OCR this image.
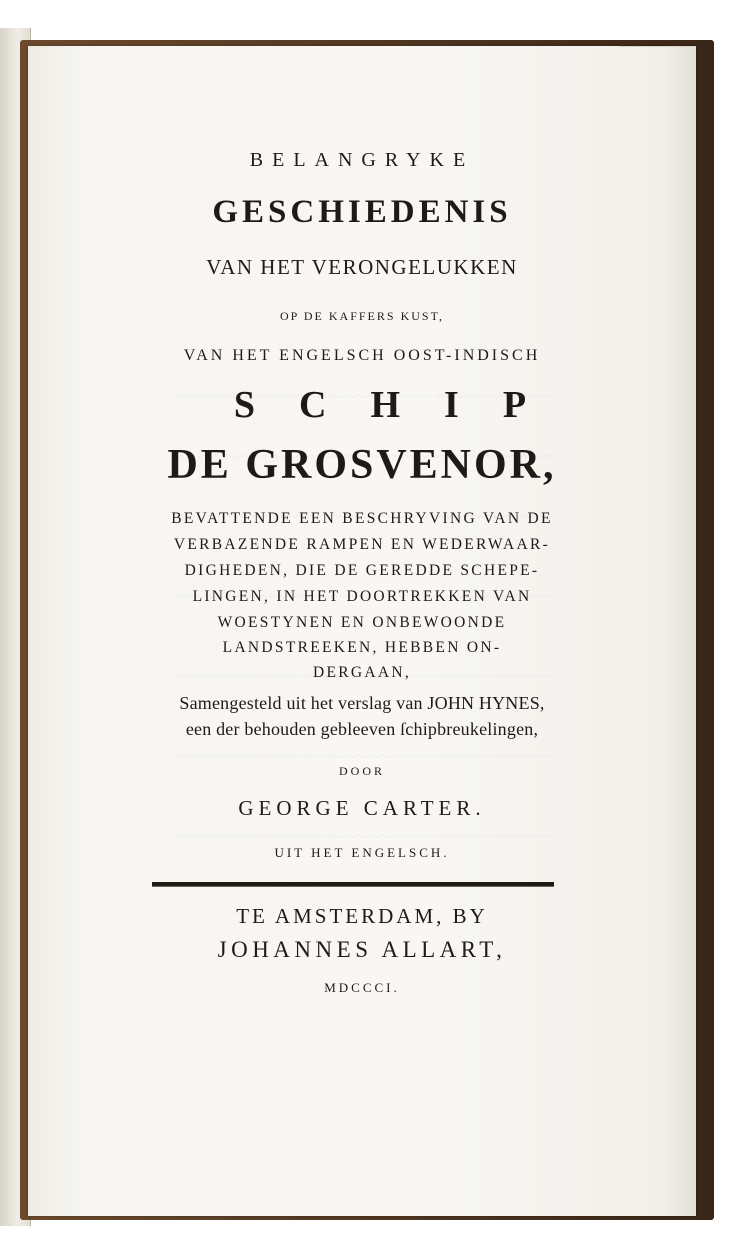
BELANGRYKE
GESCHIEDENIS
VAN HET VERONGELUKKEN
OP DE KAFFERS KUST,
VAN HET ENGELSCH OOST-INDISCH
SCHIP
DE GROSVENOR,
BEVATTENDE EEN BESCHRYVING VAN DE
VERBAZENDE RAMPEN EN WEDERWAAR-
DIGHEDEN, DIE DE GEREDDE SCHEPE-
LINGEN, IN HET DOORTREKKEN VAN
WOESTYNEN EN ONBEWOONDE
LANDSTREEKEN, HEBBEN ON-
DERGAAN,
Samengesteld uit het verslag van JOHN HYNES,
een der behouden gebleeven ſchipbreukelingen,
DOOR
GEORGE CARTER.
UIT HET ENGELSCH.
TE AMSTERDAM, BY
JOHANNES ALLART,
MDCCCI.
